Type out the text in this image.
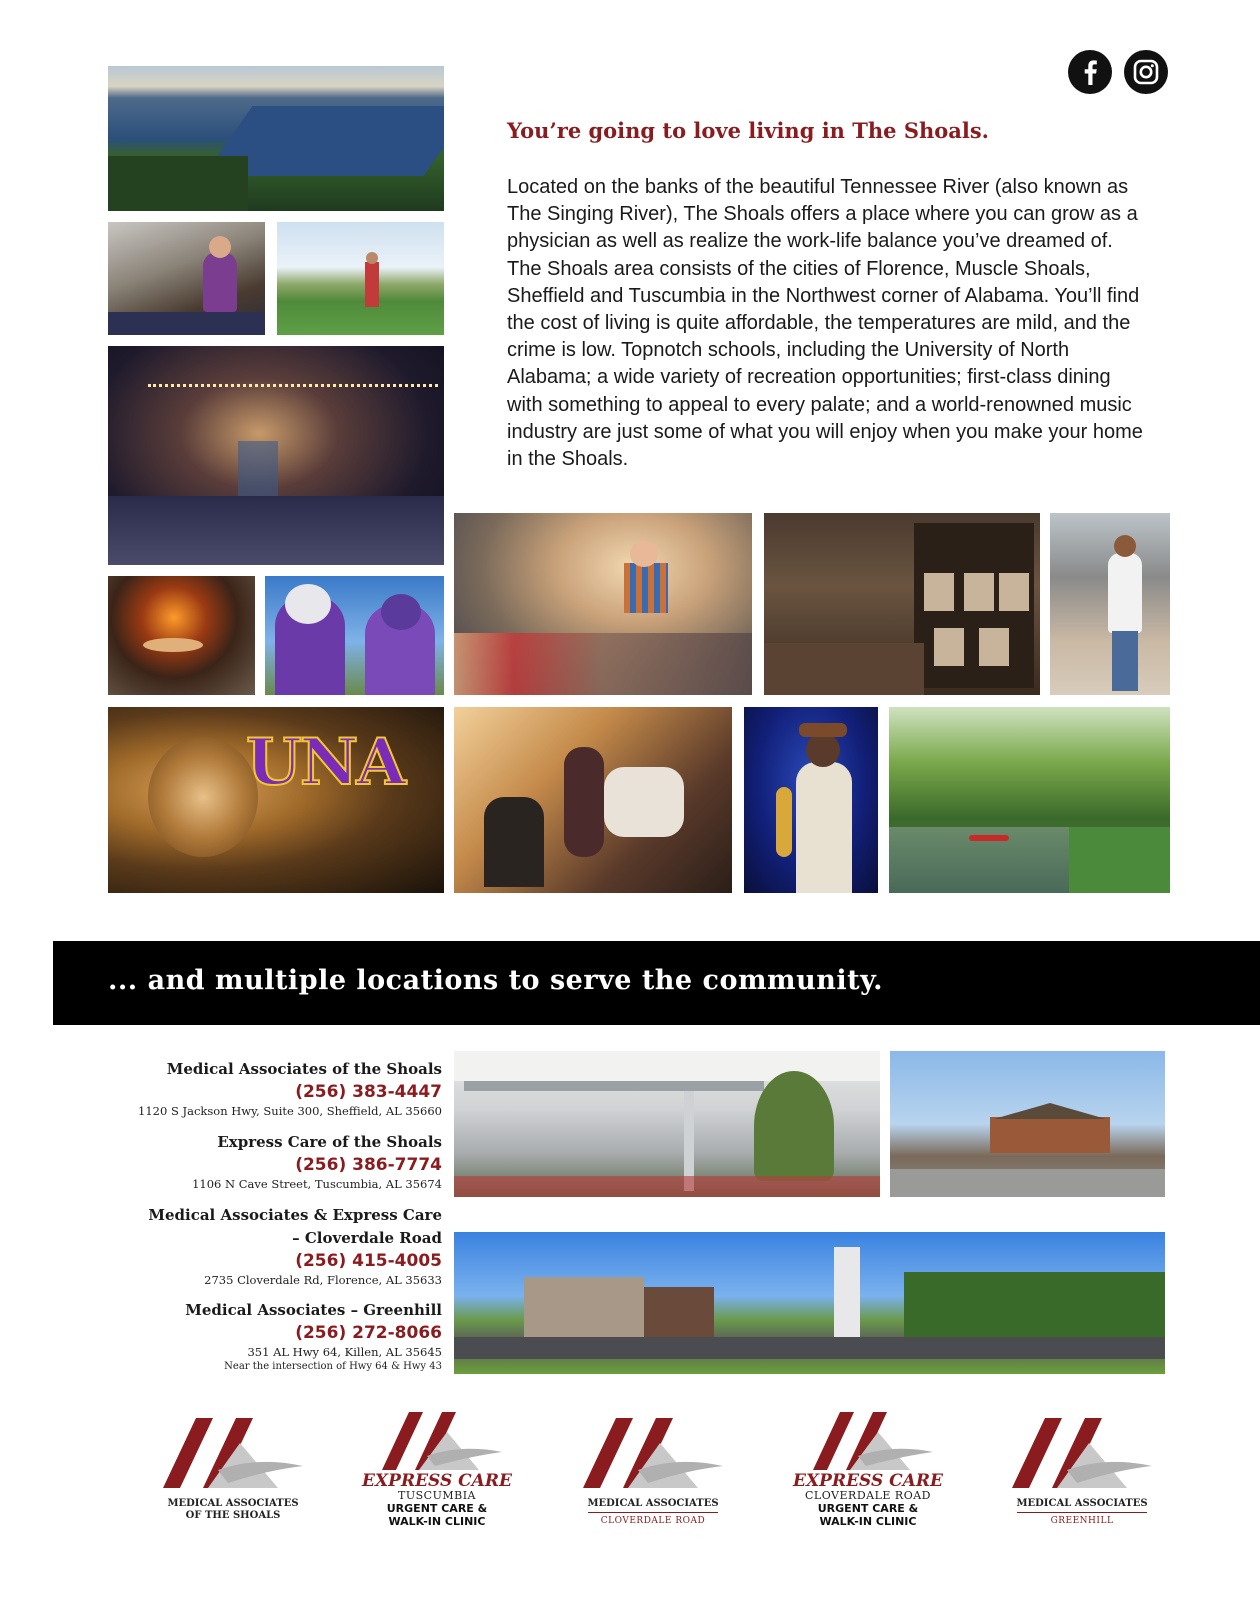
You’re going to love living in The Shoals.
Located on the banks of the beautiful Tennessee River (also known as The Singing River), The Shoals offers a place where you can grow as a physician as well as realize the work-life balance you’ve dreamed of. The Shoals area consists of the cities of Florence, Muscle Shoals, Sheffield and Tuscumbia in the Northwest corner of Alabama. You’ll find the cost of living is quite affordable, the temperatures are mild, and the crime is low. Topnotch schools, including the University of North Alabama; a wide variety of recreation opportunities; first-class dining with something to appeal to every palate; and a world-renowned music industry are just some of what you will enjoy when you make your home in the Shoals.
UNA
... and multiple locations to serve the community.
Medical Associates of the Shoals
(256) 383-4447
1120 S Jackson Hwy, Suite 300, Sheffield, AL 35660
Express Care of the Shoals
(256) 386-7774
1106 N Cave Street, Tuscumbia, AL 35674
Medical Associates & Express Care
– Cloverdale Road
(256) 415-4005
2735 Cloverdale Rd, Florence, AL 35633
Medical Associates – Greenhill
(256) 272-8066
351 AL Hwy 64, Killen, AL 35645
Near the intersection of Hwy 64 & Hwy 43
MEDICAL ASSOCIATES
OF THE SHOALS
EXPRESS CARE
TUSCUMBIA
URGENT CARE &
WALK-IN CLINIC
MEDICAL ASSOCIATES
CLOVERDALE ROAD
EXPRESS CARE
CLOVERDALE ROAD
URGENT CARE &
WALK-IN CLINIC
MEDICAL ASSOCIATES
GREENHILL
